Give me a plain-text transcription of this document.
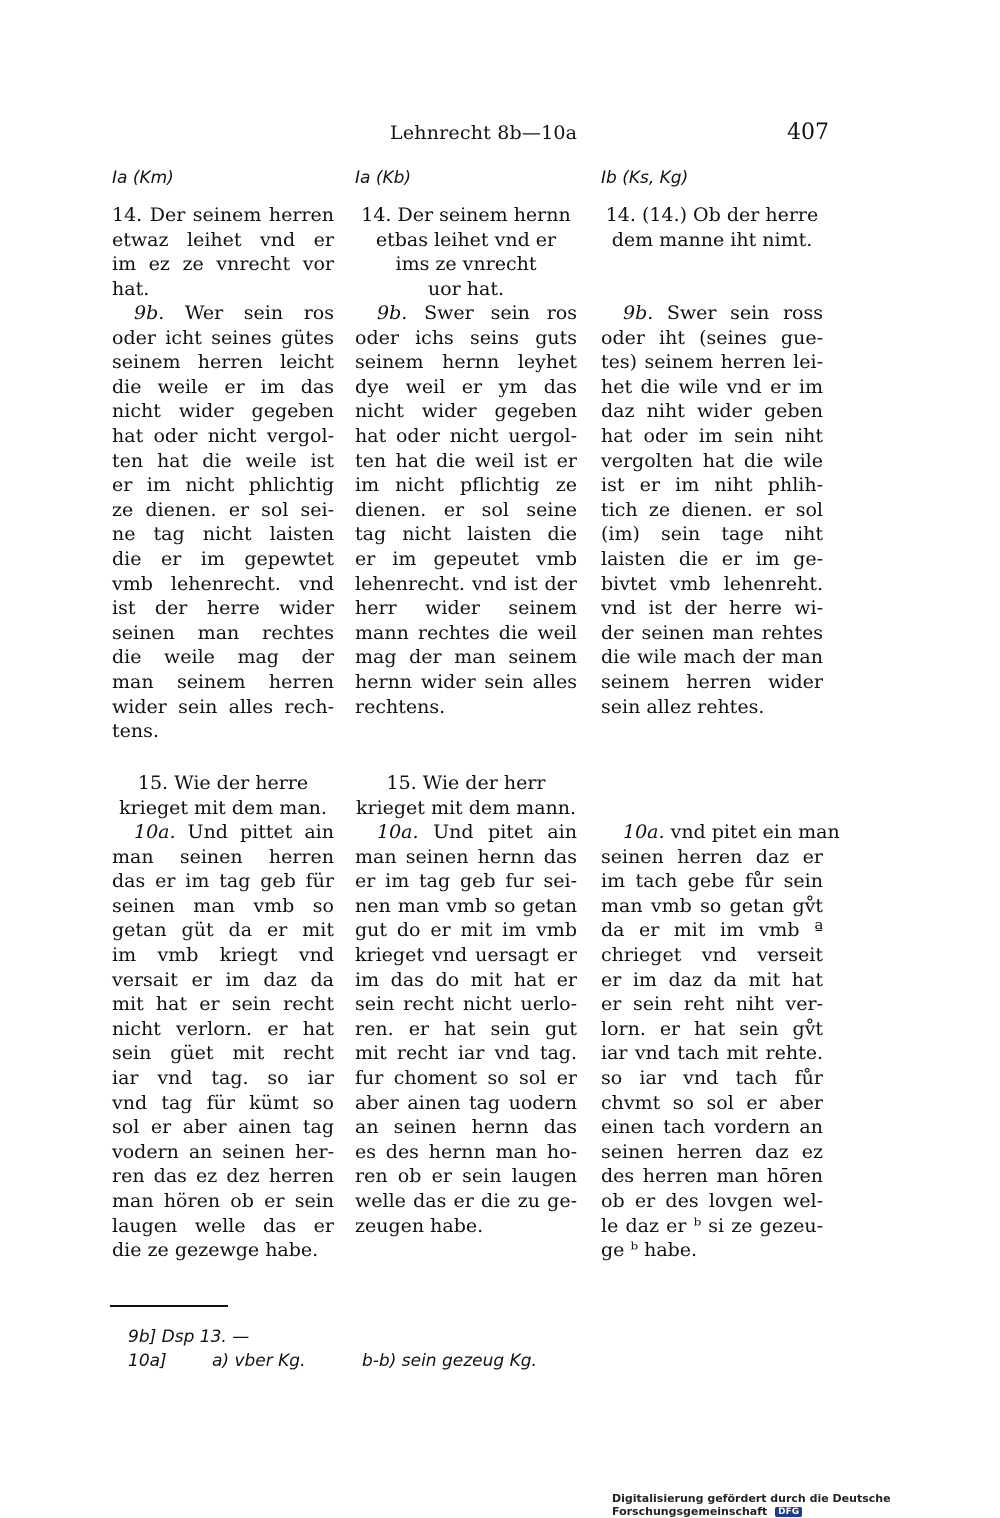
Lehnrecht 8b—10a	407
Ia (Km)	Ia (Kb)	Ib (Ks, Kg)
14. Der seinem herren
etwaz leihet vnd er
im ez ze vnrecht vor
hat.
9b. Wer sein ros
oder icht seines gütes
seinem herren leicht
die weile er im das
nicht wider gegeben
hat oder nicht vergol-
ten hat die weile ist
er im nicht phlichtig
ze dienen. er sol sei-
ne tag nicht laisten
die er im gepewtet
vmb lehenrecht. vnd
ist der herre wider
seinen man rechtes
die weile mag der
man seinem herren
wider sein alles rech-
tens.
15. Wie der herre
krieget mit dem man.
10a. Und pittet ain
man seinen herren
das er im tag geb für
seinen man vmb so
getan güt da er mit
im vmb kriegt vnd
versait er im daz da
mit hat er sein recht
nicht verlorn. er hat
sein güet mit recht
iar vnd tag. so iar
vnd tag für kümt so
sol er aber ainen tag
vodern an seinen her-
ren das ez dez herren
man hören ob er sein
laugen welle das er
die ze gezewge habe.
14. Der seinem hernn
etbas leihet vnd er
ims ze vnrecht
uor hat.
9b. Swer sein ros
oder ichs seins guts
seinem hernn leyhet
dye weil er ym das
nicht wider gegeben
hat oder nicht uergol-
ten hat die weil ist er
im nicht pflichtig ze
dienen. er sol seine
tag nicht laisten die
er im gepeutet vmb
lehenrecht. vnd ist der
herr wider seinem
mann rechtes die weil
mag der man seinem
hernn wider sein alles
rechtens.
15. Wie der herr
krieget mit dem mann.
10a. Und pitet ain
man seinen hernn das
er im tag geb fur sei-
nen man vmb so getan
gut do er mit im vmb
krieget vnd uersagt er
im das do mit hat er
sein recht nicht uerlo-
ren. er hat sein gut
mit recht iar vnd tag.
fur choment so sol er
aber ainen tag uodern
an seinen hernn das
es des hernn man ho-
ren ob er sein laugen
welle das er die zu ge-
zeugen habe.
14. (14.) Ob der herre
dem manne iht nimt.
9b. Swer sein ross
oder iht (seines gue-
tes) seinem herren lei-
het die wile vnd er im
daz niht wider geben
hat oder im sein niht
vergolten hat die wile
ist er im niht phlih-
tich ze dienen. er sol
(im) sein tage niht
laisten die er im ge-
bivtet vmb lehenreht.
vnd ist der herre wi-
der seinen man rehtes
die wile mach der man
seinem herren wider
sein allez rehtes.
10a. vnd pitet ein man
seinen herren daz er
im tach gebe fůr sein
man vmb so getan gv̊t
da er mit im vmb ª
chrieget vnd verseit
er im daz da mit hat
er sein reht niht ver-
lorn. er hat sein gv̊t
iar vnd tach mit rehte.
so iar vnd tach fůr
chvmt so sol er aber
einen tach vordern an
seinen herren daz ez
des herren man hōren
ob er des lovgen wel-
le daz er ᵇ si ze gezeu-
ge ᵇ habe.
9b] Dsp 13. —
10a]	a) vber Kg.	b-b) sein gezeug Kg.
Digitalisierung gefördert durch die Deutsche Forschungsgemeinschaft DFG
